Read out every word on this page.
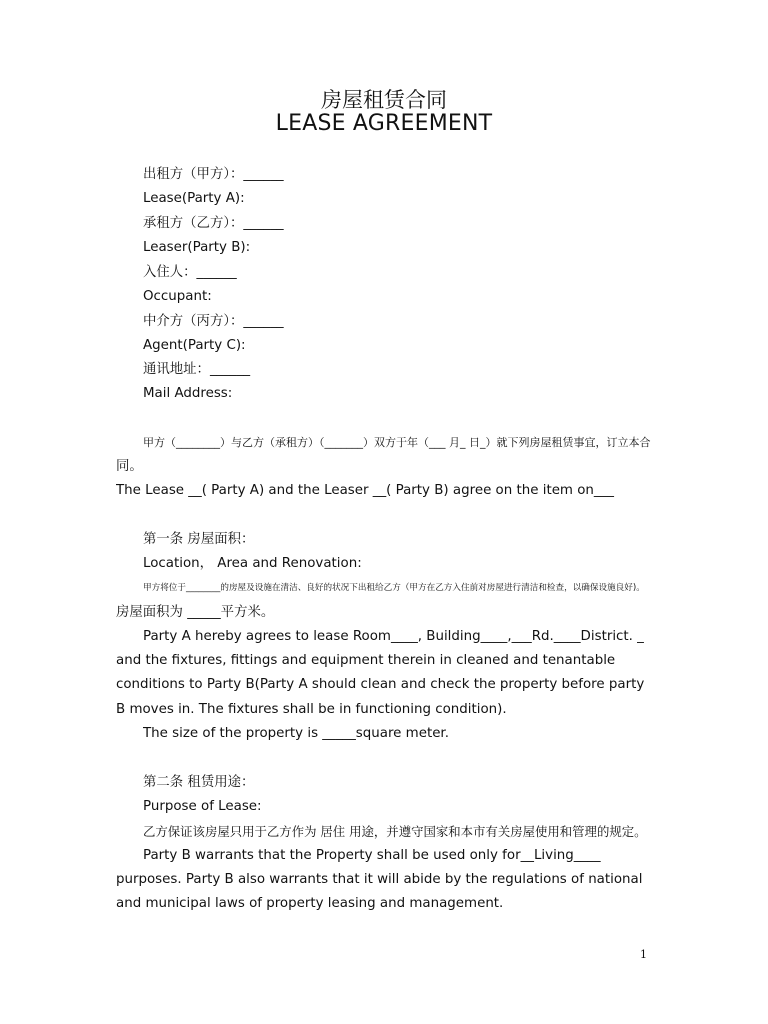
房屋租赁合同
LEASE AGREEMENT
出租方（甲方）：______
Lease(Party A):
承租方（乙方）：______
Leaser(Party B):
入住人：______
Occupant:
中介方（丙方）：______
Agent(Party C):
通讯地址：______
Mail Address:
甲方（________）与乙方（承租方）（_______）双方于年（___ 月_ 日_）就下列房屋租赁事宜，订立本合
同。
The Lease __( Party A) and the Leaser __( Party B) agree on the item on___
第一条 房屋面积：
Location， Area and Renovation:
甲方将位于________的房屋及设施在清洁、良好的状况下出租给乙方（甲方在乙方入住前对房屋进行清洁和检查，以确保设施良好)。
房屋面积为 _____平方米。
Party A hereby agrees to lease Room____, Building____,___Rd.____District. _
and the fixtures, fittings and equipment therein in cleaned and tenantable
conditions to Party B(Party A should clean and check the property before party
B moves in. The fixtures shall be in functioning condition).
The size of the property is _____square meter.
第二条 租赁用途：
Purpose of Lease:
乙方保证该房屋只用于乙方作为 居住 用途，并遵守国家和本市有关房屋使用和管理的规定。
Party B warrants that the Property shall be used only for__Living____
purposes. Party B also warrants that it will abide by the regulations of national
and municipal laws of property leasing and management.
1
